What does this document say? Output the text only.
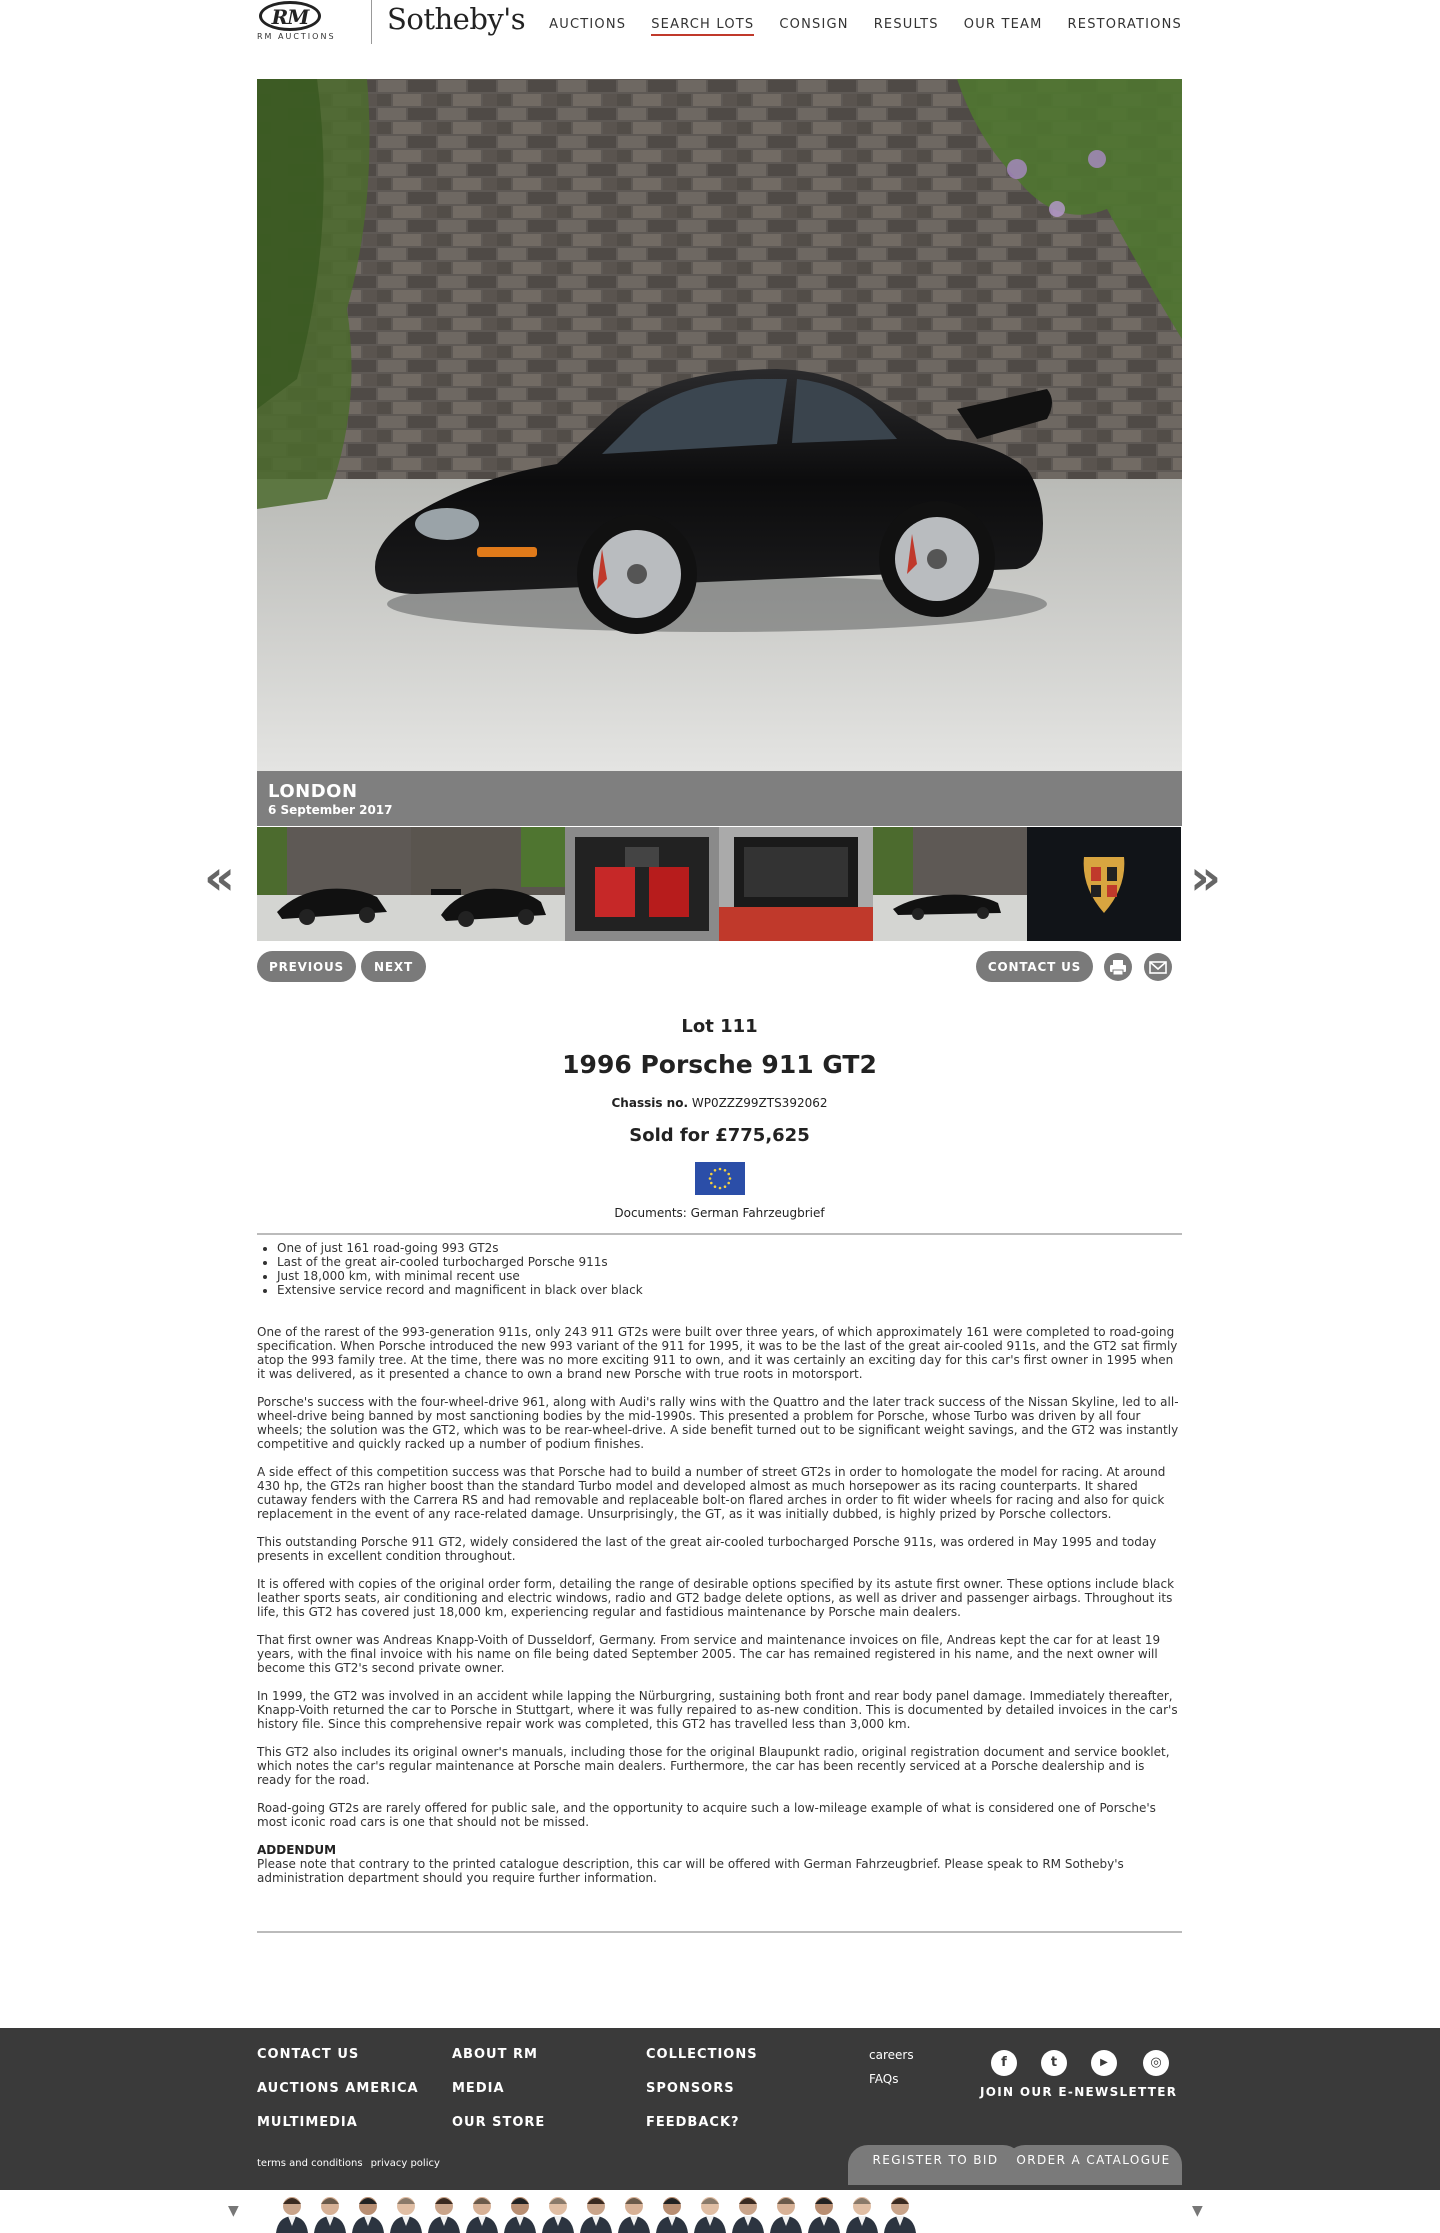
RM
RM AUCTIONS
Sotheby's AUCTIONS SEARCH LOTS CONSIGN RESULTS OUR TEAM RESTORATIONS
LONDON
6 September 2017
«	»
PREVIOUS	NEXT	CONTACT US
Lot 111
1996 Porsche 911 GT2
Chassis no. WP0ZZZ99ZTS392062
Sold for £775,625
Documents: German Fahrzeugbrief
• One of just 161 road-going 993 GT2s
• Last of the great air-cooled turbocharged Porsche 911s
• Just 18,000 km, with minimal recent use
• Extensive service record and magnificent in black over black

One of the rarest of the 993-generation 911s, only 243 911 GT2s were built over three years, of which approximately 161 were completed to road-going specification. When Porsche introduced the new 993 variant of the 911 for 1995, it was to be the last of the great air-cooled 911s, and the GT2 sat firmly atop the 993 family tree. At the time, there was no more exciting 911 to own, and it was certainly an exciting day for this car's first owner in 1995 when it was delivered, as it presented a chance to own a brand new Porsche with true roots in motorsport.

Porsche's success with the four-wheel-drive 961, along with Audi's rally wins with the Quattro and the later track success of the Nissan Skyline, led to all-wheel-drive being banned by most sanctioning bodies by the mid-1990s. This presented a problem for Porsche, whose Turbo was driven by all four wheels; the solution was the GT2, which was to be rear-wheel-drive. A side benefit turned out to be significant weight savings, and the GT2 was instantly competitive and quickly racked up a number of podium finishes.

A side effect of this competition success was that Porsche had to build a number of street GT2s in order to homologate the model for racing. At around 430 hp, the GT2s ran higher boost than the standard Turbo model and developed almost as much horsepower as its racing counterparts. It shared cutaway fenders with the Carrera RS and had removable and replaceable bolt-on flared arches in order to fit wider wheels for racing and also for quick replacement in the event of any race-related damage. Unsurprisingly, the GT, as it was initially dubbed, is highly prized by Porsche collectors.

This outstanding Porsche 911 GT2, widely considered the last of the great air-cooled turbocharged Porsche 911s, was ordered in May 1995 and today presents in excellent condition throughout.

It is offered with copies of the original order form, detailing the range of desirable options specified by its astute first owner. These options include black leather sports seats, air conditioning and electric windows, radio and GT2 badge delete options, as well as driver and passenger airbags. Throughout its life, this GT2 has covered just 18,000 km, experiencing regular and fastidious maintenance by Porsche main dealers.

That first owner was Andreas Knapp-Voith of Dusseldorf, Germany. From service and maintenance invoices on file, Andreas kept the car for at least 19 years, with the final invoice with his name on file being dated September 2005. The car has remained registered in his name, and the next owner will become this GT2's second private owner.

In 1999, the GT2 was involved in an accident while lapping the Nürburgring, sustaining both front and rear body panel damage. Immediately thereafter, Knapp-Voith returned the car to Porsche in Stuttgart, where it was fully repaired to as-new condition. This is documented by detailed invoices in the car's history file. Since this comprehensive repair work was completed, this GT2 has travelled less than 3,000 km.

This GT2 also includes its original owner's manuals, including those for the original Blaupunkt radio, original registration document and service booklet, which notes the car's regular maintenance at Porsche main dealers. Furthermore, the car has been recently serviced at a Porsche dealership and is ready for the road.

Road-going GT2s are rarely offered for public sale, and the opportunity to acquire such a low-mileage example of what is considered one of Porsche's most iconic road cars is one that should not be missed.

ADDENDUM
Please note that contrary to the printed catalogue description, this car will be offered with German Fahrzeugbrief. Please speak to RM Sotheby's administration department should you require further information.
CONTACT US
AUCTIONS AMERICA
MULTIMEDIA
ABOUT RM
MEDIA
OUR STORE
COLLECTIONS
SPONSORS
FEEDBACK?
careers
FAQs
f	t	▶	◎
JOIN OUR E-NEWSLETTER
terms and conditions privacy policy	REGISTER TO BID	ORDER A CATALOGUE
▼	▼
